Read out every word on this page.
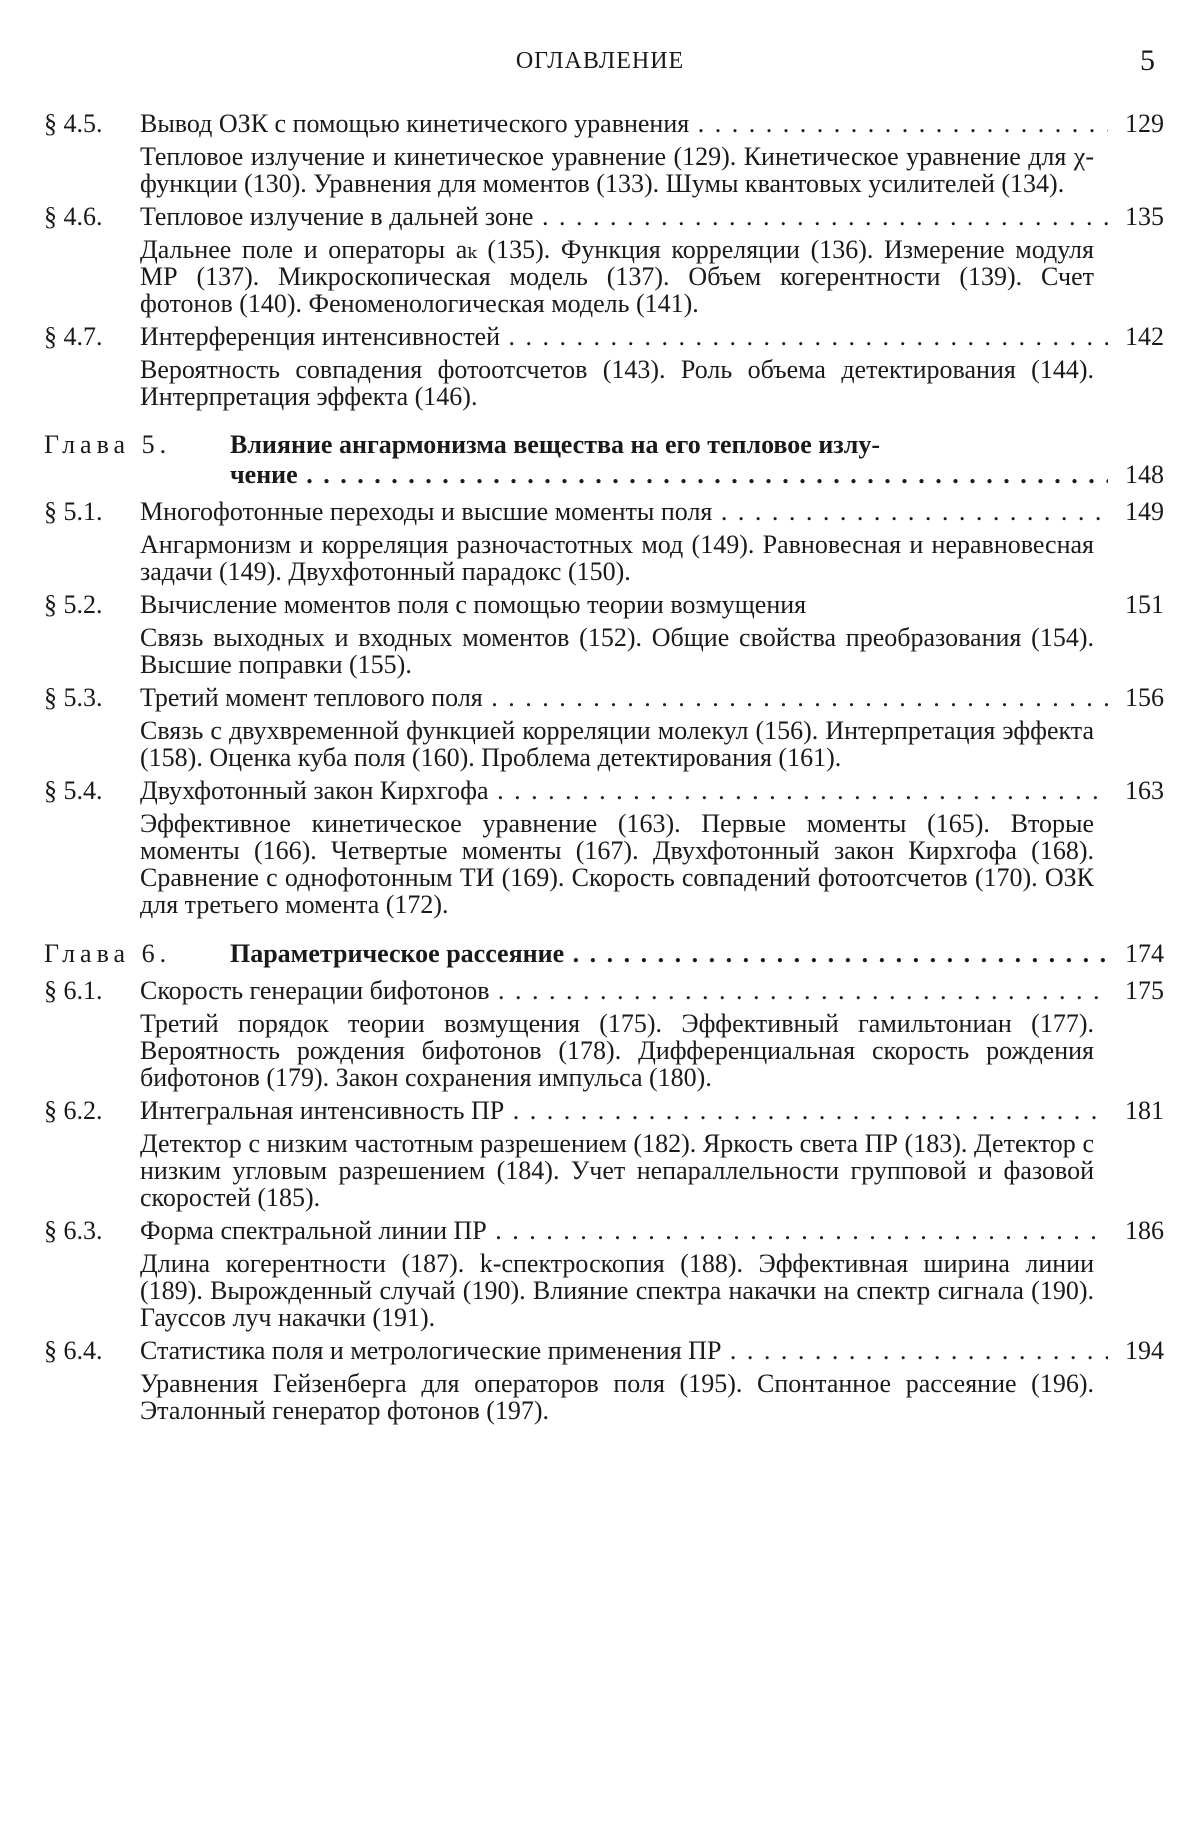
ОГЛАВЛЕНИЕ	5
§ 4.5.	Вывод ОЗК с помощью кинетического уравнения . . .	129
Тепловое излучение и кинетическое уравнение (129). Кинетическое уравнение для χ-функции (130). Уравнения для моментов (133). Шумы квантовых усилителей (134).
§ 4.6.	Тепловое излучение в дальней зоне . . .	135
Дальнее поле и операторы aₖ (135). Функция корреляции (136). Измерение модуля МР (137). Микроскопическая модель (137). Объем когерентности (139). Счет фотонов (140). Феноменологическая модель (141).
§ 4.7.	Интерференция интенсивностей . . .	142
Вероятность совпадения фотоотсчетов (143). Роль объема детектирования (144). Интерпретация эффекта (146).
Глава 5.	Влияние ангармонизма вещества на его тепловое излу-
чение . . .	148
§ 5.1.	Многофотонные переходы и высшие моменты поля . . .	149
Ангармонизм и корреляция разночастотных мод (149). Равновесная и неравновесная задачи (149). Двухфотонный парадокс (150).
§ 5.2.	Вычисление моментов поля с помощью теории возмущения	151
Связь выходных и входных моментов (152). Общие свойства преобразования (154). Высшие поправки (155).
§ 5.3.	Третий момент теплового поля . . .	156
Связь с двухвременной функцией корреляции молекул (156). Интерпретация эффекта (158). Оценка куба поля (160). Проблема детектирования (161).
§ 5.4.	Двухфотонный закон Кирхгофа . . .	163
Эффективное кинетическое уравнение (163). Первые моменты (165). Вторые моменты (166). Четвертые моменты (167). Двухфотонный закон Кирхгофа (168). Сравнение с однофотонным ТИ (169). Скорость совпадений фотоотсчетов (170). ОЗК для третьего момента (172).
Глава 6.	Параметрическое рассеяние . . .	174
§ 6.1.	Скорость генерации бифотонов . . .	175
Третий порядок теории возмущения (175). Эффективный гамильтониан (177). Вероятность рождения бифотонов (178). Дифференциальная скорость рождения бифотонов (179). Закон сохранения импульса (180).
§ 6.2.	Интегральная интенсивность ПР . . .	181
Детектор с низким частотным разрешением (182). Яркость света ПР (183). Детектор с низким угловым разрешением (184). Учет непараллельности групповой и фазовой скоростей (185).
§ 6.3.	Форма спектральной линии ПР . . .	186
Длина когерентности (187). k-спектроскопия (188). Эффективная ширина линии (189). Вырожденный случай (190). Влияние спектра накачки на спектр сигнала (190). Гауссов луч накачки (191).
§ 6.4.	Статистика поля и метрологические применения ПР . . .	194
Уравнения Гейзенберга для операторов поля (195). Спонтанное рассеяние (196). Эталонный генератор фотонов (197).
